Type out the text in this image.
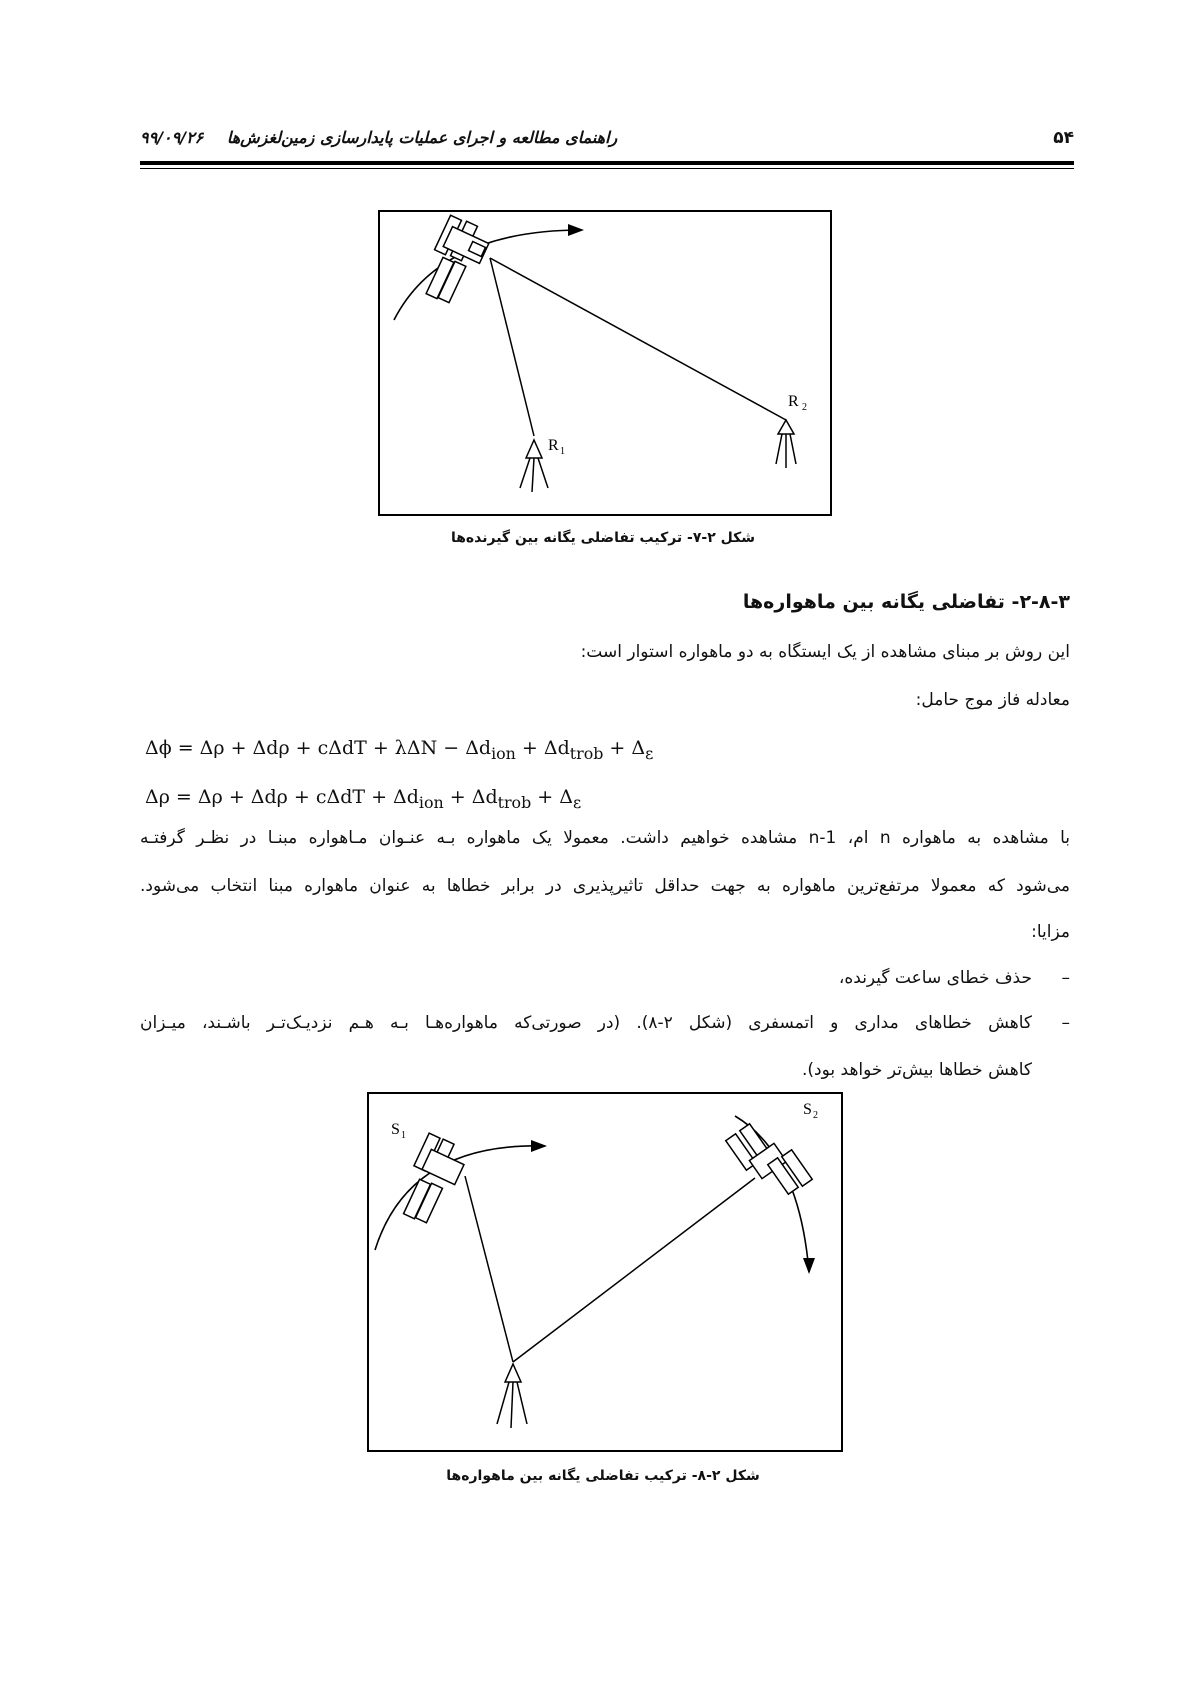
۵۴
۹۹/۰۹/۲۶ راهنمای مطالعه و اجرای عملیات پایدارسازی زمین‌لغزش‌ها
R 1
R 2
شکل ۲-۷- ترکیب تفاضلی یگانه بین گیرنده‌ها
۲-۸-۳- تفاضلی یگانه بین ماهواره‌ها
این روش بر مبنای مشاهده از یک ایستگاه به دو ماهواره استوار است:
معادله فاز موج حامل:
$\Delta\phi = \Delta\rho + \Delta d\rho + c\Delta dT + \lambda\Delta N - \Delta d_{ion} + \Delta d_{trob} + \Delta_\varepsilon$
$\Delta\rho = \Delta\rho + \Delta d\rho + c\Delta dT + \Delta d_{ion} + \Delta d_{trob} + \Delta_\varepsilon$
با مشاهده به ماهواره n ام، n-1 مشاهده خواهیم داشت. معمولا یک ماهواره بـه عنـوان مـاهواره مبنـا در نظـر گرفتـه
می‌شود که معمولا مرتفع‌ترین ماهواره به جهت حداقل تاثیرپذیری در برابر خطاها به عنوان ماهواره مبنا انتخاب می‌شود.
مزایا:
–
حذف خطای ساعت گیرنده،
–
کاهش خطاهای مداری و اتمسفری (شکل ۲-۸). (در صورتی‌که ماهواره‌هـا بـه هـم نزدیـک‌تـر باشـند، میـزان
کاهش خطاها بیش‌تر خواهد بود).
S 1
S 2
شکل ۲-۸- ترکیب تفاضلی یگانه بین ماهواره‌ها
